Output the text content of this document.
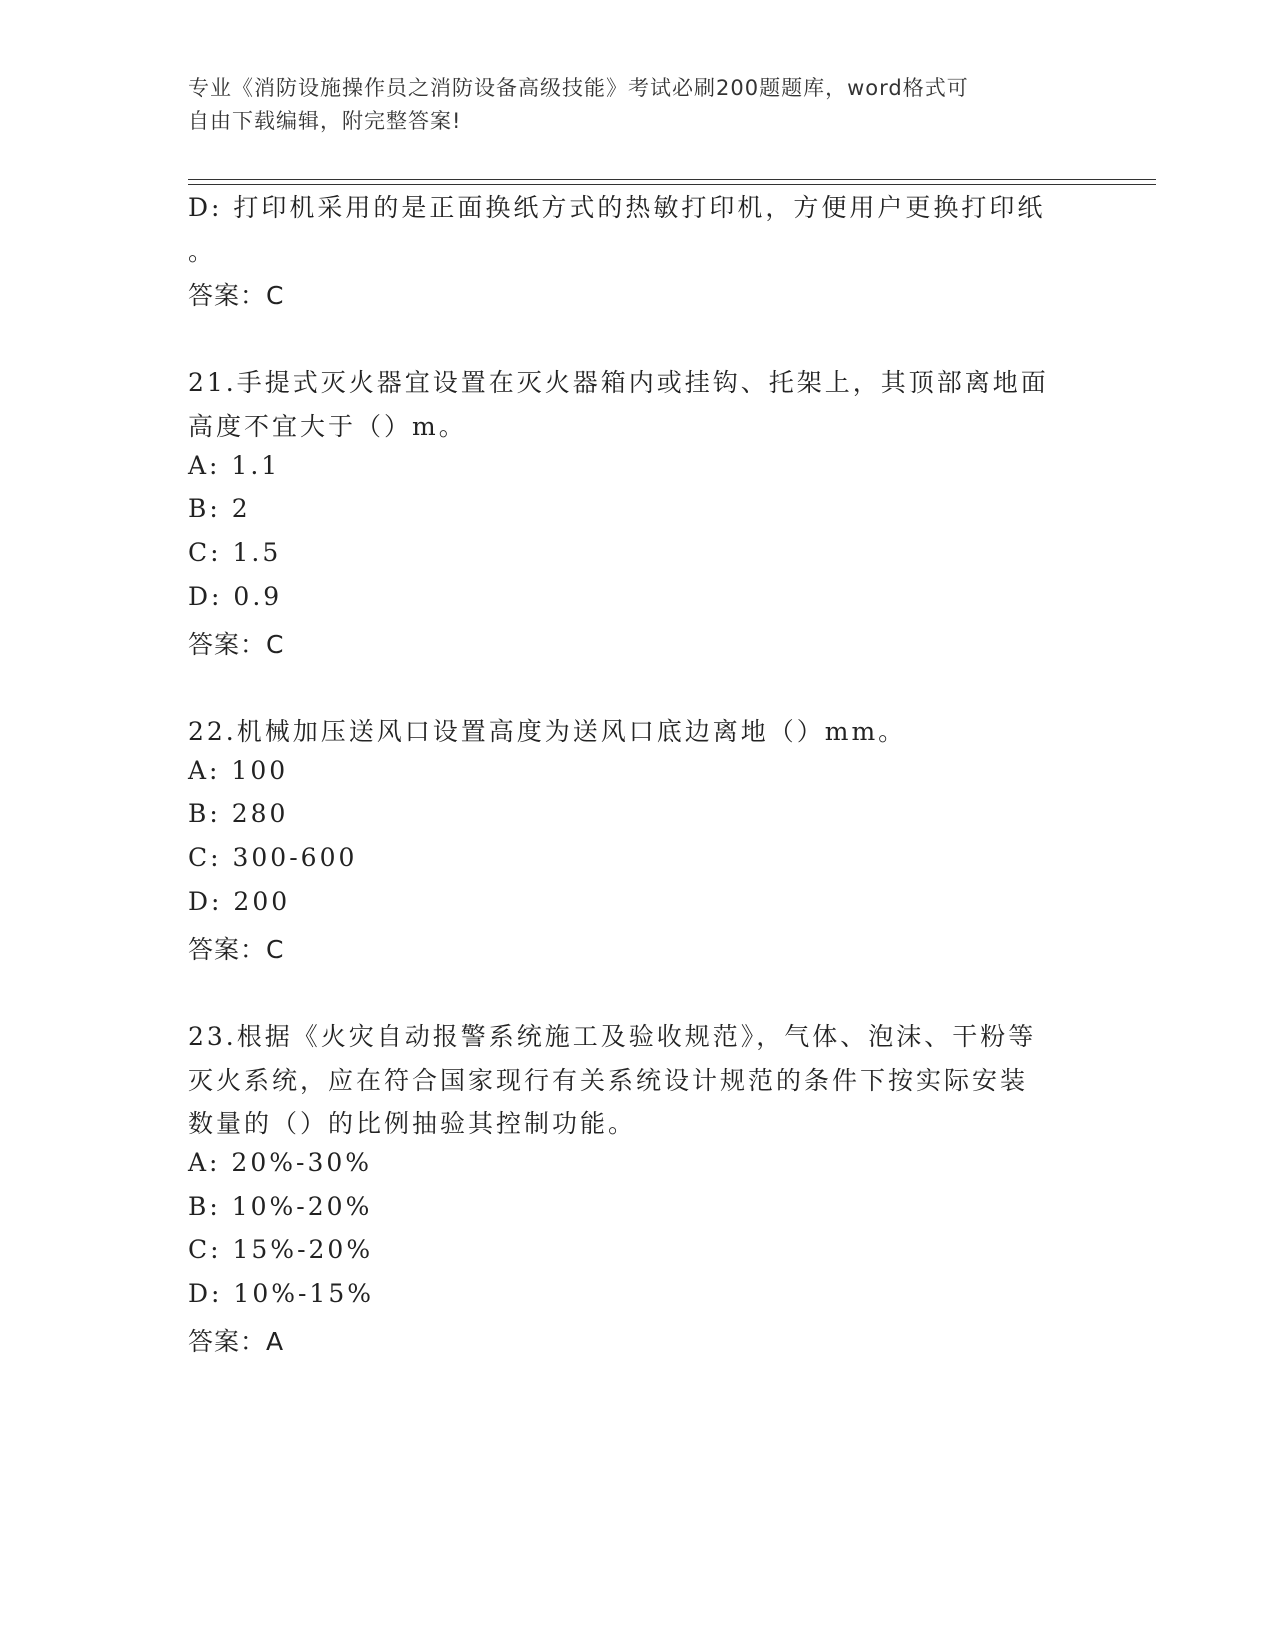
专业《消防设施操作员之消防设备高级技能》考试必刷200题题库，word格式可
自由下载编辑，附完整答案!
D: 打印机采用的是正面换纸方式的热敏打印机，方便用户更换打印纸
。
答案：C
21.手提式灭火器宜设置在灭火器箱内或挂钩、托架上，其顶部离地面
高度不宜大于（）m。
A: 1.1
B: 2
C: 1.5
D: 0.9
答案：C
22.机械加压送风口设置高度为送风口底边离地（）mm。
A: 100
B: 280
C: 300-600
D: 200
答案：C
23.根据《火灾自动报警系统施工及验收规范》，气体、泡沫、干粉等
灭火系统，应在符合国家现行有关系统设计规范的条件下按实际安装
数量的（）的比例抽验其控制功能。
A: 20%-30%
B: 10%-20%
C: 15%-20%
D: 10%-15%
答案：A
